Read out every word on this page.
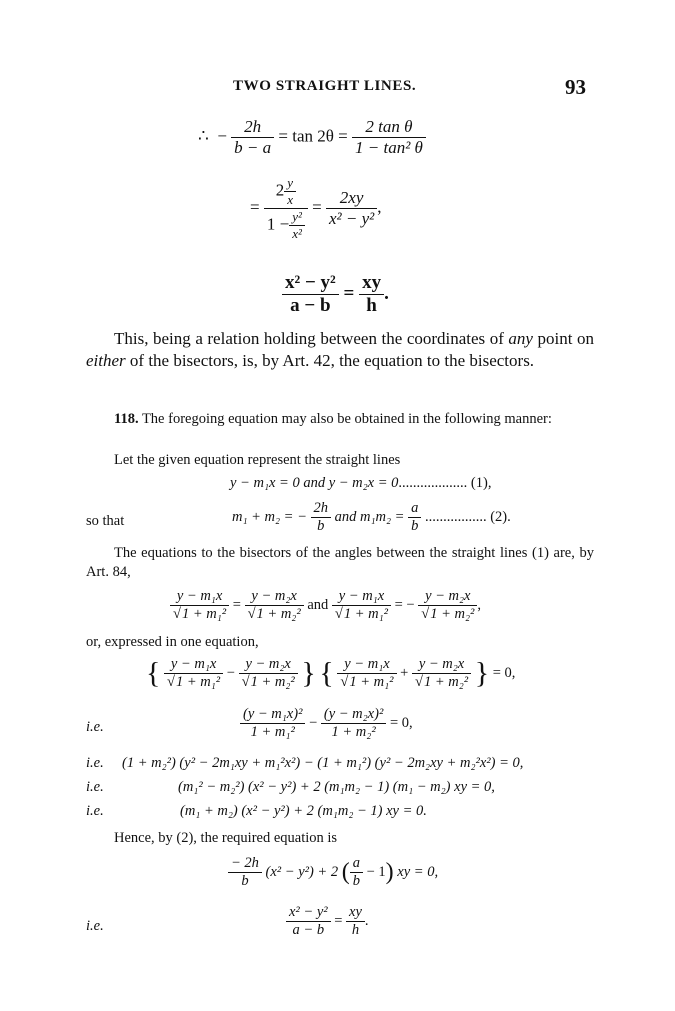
TWO STRAIGHT LINES.	93
∴  − $\frac{2h}{b - a} = \tan 2\theta = \frac{\text{2 tan θ}}{\text{1 − tan² θ}}$
= $\frac{2 \frac{y}{x}}{1 - \frac{\text{y²}}{\text{x²}}} = \frac{2xy}{\text{x² − y²}}$ ,
$\frac{\text{x² − y²}}{a - b} = \frac{xy}{h}$ .
This, being a relation holding between the coordinates of any point on either of the bisectors, is, by Art. 42, the equation to the bisectors.
118. The foregoing equation may also be obtained in the following manner:
Let the given equation represent the straight lines
y − m₁x = 0 and y − m₂x = 0................... (1),
so that	m₁ + m₂ = − $\frac{2h}{b}$ and $m_1m_2 = \frac{a}{b}$ ................. (2).
The equations to the bisectors of the angles between the straight lines (1) are, by Art. 84,
$\frac{\text{y − m₁x}}{\text{√1 + m₁²}} = \frac{\text{y − m₂x}}{\text{√1 + m₂²}}$ and $\frac{\text{y − m₁x}}{\text{√1 + m₁²}}$ = − $\frac{\text{y − m₂x}}{\text{√1 + m₂²}}$ ,
or, expressed in one equation,
{ $\frac{\text{y − m₁x}}{\text{√1 + m₁²}} - \frac{\text{y − m₂x}}{\text{√1 + m₂²}}$ } { $\frac{\text{y − m₁x}}{\text{√1 + m₁²}} + \frac{\text{y − m₂x}}{\text{√1 + m₂²}}$ } = 0,
i.e.	$\frac{\text{(y − m₁x)²}}{\text{1 + m₁²}} - \frac{\text{(y − m₂x)²}}{\text{1 + m₂²}} = 0$,
i.e. (1 + m₂²) (y² − 2m₁xy + m₁²x²) − (1 + m₁²) (y² − 2m₂xy + m₂²x²) = 0,
i.e.	(m₁² − m₂²) (x² − y²) + 2 (m₁m₂ − 1) (m₁ − m₂) xy = 0,
i.e.	(m₁ + m₂) (x² − y²) + 2 (m₁m₂ − 1) xy = 0.
Hence, by (2), the required equation is
$\frac{- 2h}{b} (x^2 - y^2) + 2$ ( $\frac{a}{b} - 1$) xy = 0,
i.e.	$\frac{\text{x² − y²}}{a - b} = \frac{xy}{h}$ .
